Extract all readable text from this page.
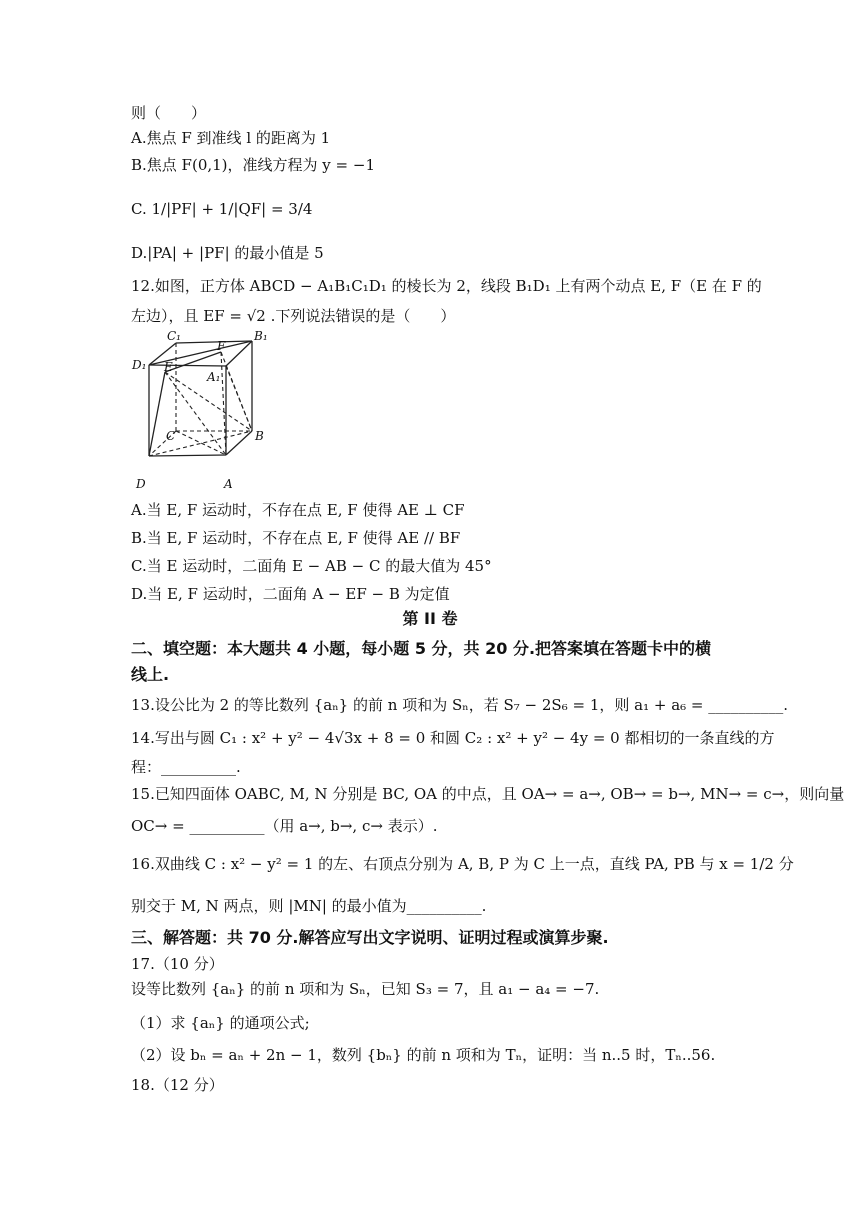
则（　　）
A.焦点 F 到准线 l 的距离为 1
B.焦点 F(0,1)，准线方程为 y = −1
C. 1/|PF| + 1/|QF| = 3/4
D.|PA| + |PF| 的最小值是 5
12.如图，正方体 ABCD − A₁B₁C₁D₁ 的棱长为 2，线段 B₁D₁ 上有两个动点 E, F（E 在 F 的
左边），且 EF = √2 .下列说法错误的是（　　）
C₁	B₁
F
E
D₁
A₁
C	B
D	A
A.当 E, F 运动时，不存在点 E, F 使得 AE ⊥ CF
B.当 E, F 运动时，不存在点 E, F 使得 AE // BF
C.当 E 运动时，二面角 E − AB − C 的最大值为 45°
D.当 E, F 运动时，二面角 A − EF − B 为定值
第 II 卷
二、填空题：本大题共 4 小题，每小题 5 分，共 20 分.把答案填在答题卡中的横
线上.
13.设公比为 2 的等比数列 {aₙ} 的前 n 项和为 Sₙ，若 S₇ − 2S₆ = 1，则 a₁ + a₆ = __________.
14.写出与圆 C₁ : x² + y² − 4√3x + 8 = 0 和圆 C₂ : x² + y² − 4y = 0 都相切的一条直线的方
程：__________.
15.已知四面体 OABC, M, N 分别是 BC, OA 的中点，且 OA→ = a→, OB→ = b→, MN→ = c→，则向量
OC→ = __________（用 a→, b→, c→ 表示）.
16.双曲线 C : x² − y² = 1 的左、右顶点分别为 A, B, P 为 C 上一点，直线 PA, PB 与 x = 1/2 分
别交于 M, N 两点，则 |MN| 的最小值为__________.
三、解答题：共 70 分.解答应写出文字说明、证明过程或演算步聚.
17.（10 分）
设等比数列 {aₙ} 的前 n 项和为 Sₙ，已知 S₃ = 7，且 a₁ − a₄ = −7.
（1）求 {aₙ} 的通项公式;
（2）设 bₙ = aₙ + 2n − 1，数列 {bₙ} 的前 n 项和为 Tₙ，证明：当 n..5 时，Tₙ..56.
18.（12 分）
